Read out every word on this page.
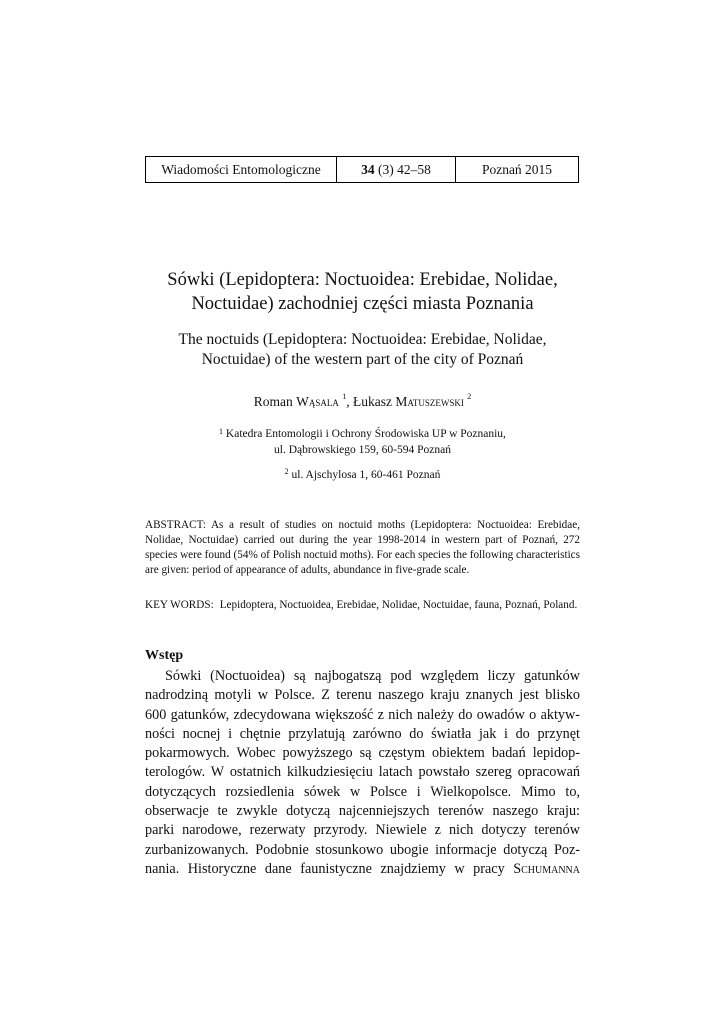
Wiadomości Entomologiczne	34
(3) 42–58	Poznań 2015
Sówki (Lepidoptera: Noctuoidea: Erebidae, Nolidae,
Noctuidae) zachodniej części miasta Poznania
The noctuids (Lepidoptera: Noctuoidea: Erebidae, Nolidae,
Noctuidae) of the western part of the city of Poznań
Roman Wąsala $^1$, Łukasz Matuszewski $^2$
$^1$ Katedra Entomologii i Ochrony Środowiska UP w Poznaniu,
ul. Dąbrowskiego 159, 60-594 Poznań
$^2$ ul. Ajschylosa 1, 60-461 Poznań
ABSTRACT: As a result of studies on noctuid moths (Lepidoptera: Noctuoidea: Erebidae, Nolidae, Noctuidae) carried out during the year 1998-2014 in western part of Poznań, 272 species were found (54% of Polish noctuid moths). For each species the following characteristics are given: period of appearance of adults, abundance in five-grade scale.
KEY WORDS: Lepidoptera, Noctuoidea, Erebidae, Nolidae, Noctuidae, fauna, Poznań, Poland.
Wstęp
Sówki (Noctuoidea) są najbogatszą pod względem liczy gatunków
nadrodziną motyli w Polsce. Z terenu naszego kraju znanych jest blisko
600 gatunków, zdecydowana większość z nich należy do owadów o aktyw-
ności nocnej i chętnie przylatują zarówno do światła jak i do przynęt
pokarmowych. Wobec powyższego są częstym obiektem badań lepidop-
terologów. W ostatnich kilkudziesięciu latach powstało szereg opracowań
dotyczących rozsiedlenia sówek w Polsce i Wielkopolsce. Mimo to,
obserwacje te zwykle dotyczą najcenniejszych terenów naszego kraju:
parki narodowe, rezerwaty przyrody. Niewiele z nich dotyczy terenów
zurbanizowanych. Podobnie stosunkowo ubogie informacje dotyczą Poz-
nania. Historyczne dane faunistyczne znajdziemy w pracy Schumanna
